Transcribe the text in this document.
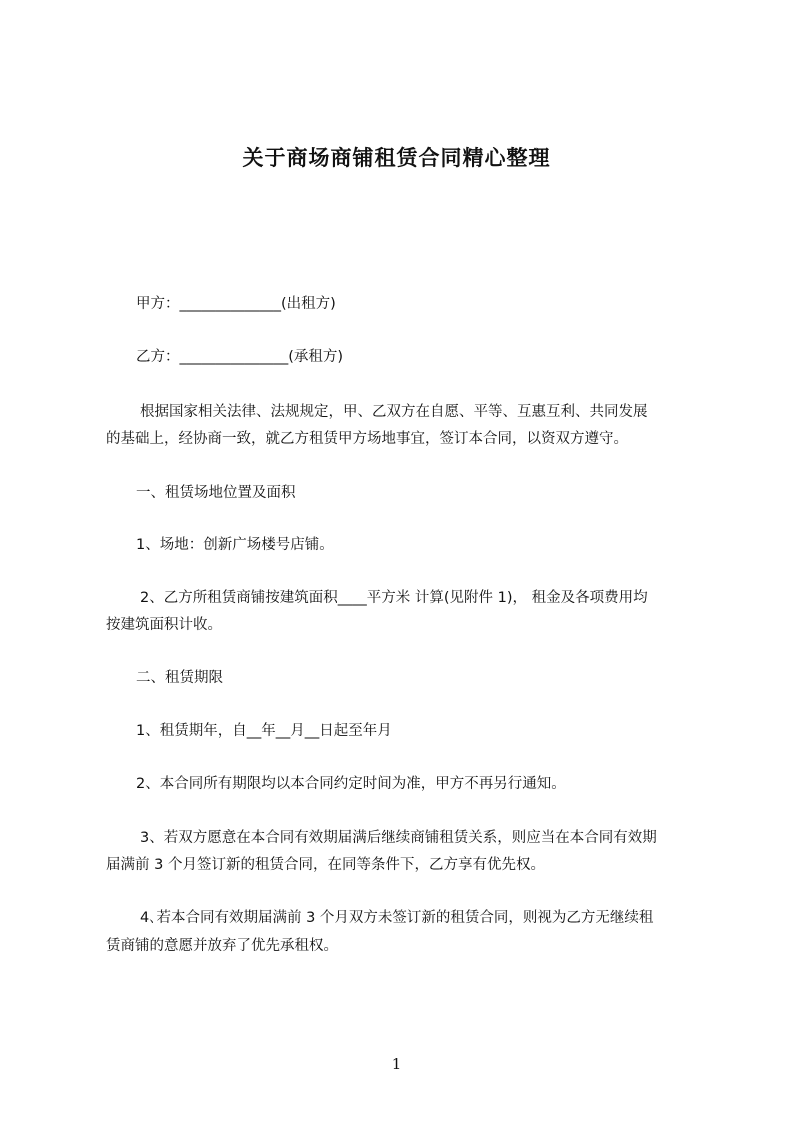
关于商场商铺租赁合同精心整理

甲方：______________(出租方)

乙方：_______________(承租方)

根据国家相关法律、法规规定，甲、乙双方在自愿、平等、互惠互利、共同发展

的基础上，经协商一致，就乙方租赁甲方场地事宜，签订本合同，以资双方遵守。

一、租赁场地位置及面积

1、场地：创新广场楼号店铺。

2、乙方所租赁商铺按建筑面积____平方米 计算(见附件 1)， 租金及各项费用均

按建筑面积计收。

二、租赁期限

1、租赁期年，自__年__月__日起至年月

2、本合同所有期限均以本合同约定时间为准，甲方不再另行通知。

3、若双方愿意在本合同有效期届满后继续商铺租赁关系，则应当在本合同有效期

届满前 3 个月签订新的租赁合同，在同等条件下，乙方享有优先权。

4､若本合同有效期届满前 3 个月双方未签订新的租赁合同，则视为乙方无继续租

赁商铺的意愿并放弃了优先承租权。

1
